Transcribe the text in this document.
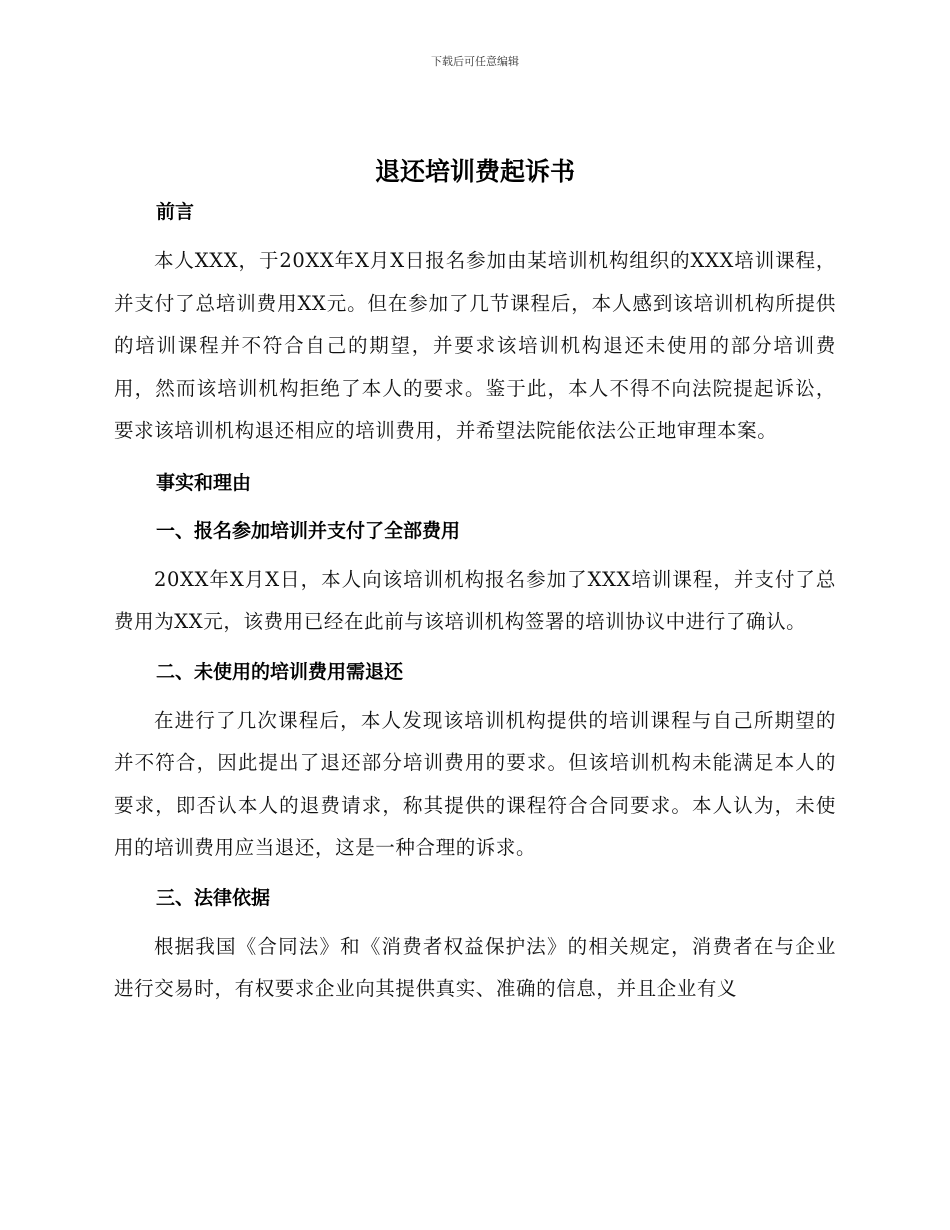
下载后可任意编辑
退还培训费起诉书

前言

本人XXX，于20XX年X月X日报名参加由某培训机构组织的XXX培训课程，并支付了总培训费用XX元。但在参加了几节课程后，本人感到该培训机构所提供的培训课程并不符合自己的期望，并要求该培训机构退还未使用的部分培训费用，然而该培训机构拒绝了本人的要求。鉴于此，本人不得不向法院提起诉讼，要求该培训机构退还相应的培训费用，并希望法院能依法公正地审理本案。

事实和理由

一、报名参加培训并支付了全部费用

20XX年X月X日，本人向该培训机构报名参加了XXX培训课程，并支付了总费用为XX元，该费用已经在此前与该培训机构签署的培训协议中进行了确认。

二、未使用的培训费用需退还

在进行了几次课程后，本人发现该培训机构提供的培训课程与自己所期望的并不符合，因此提出了退还部分培训费用的要求。但该培训机构未能满足本人的要求，即否认本人的退费请求，称其提供的课程符合合同要求。本人认为，未使用的培训费用应当退还，这是一种合理的诉求。

三、法律依据

根据我国《合同法》和《消费者权益保护法》的相关规定，消费者在与企业进行交易时，有权要求企业向其提供真实、准确的信息，并且企业有义
